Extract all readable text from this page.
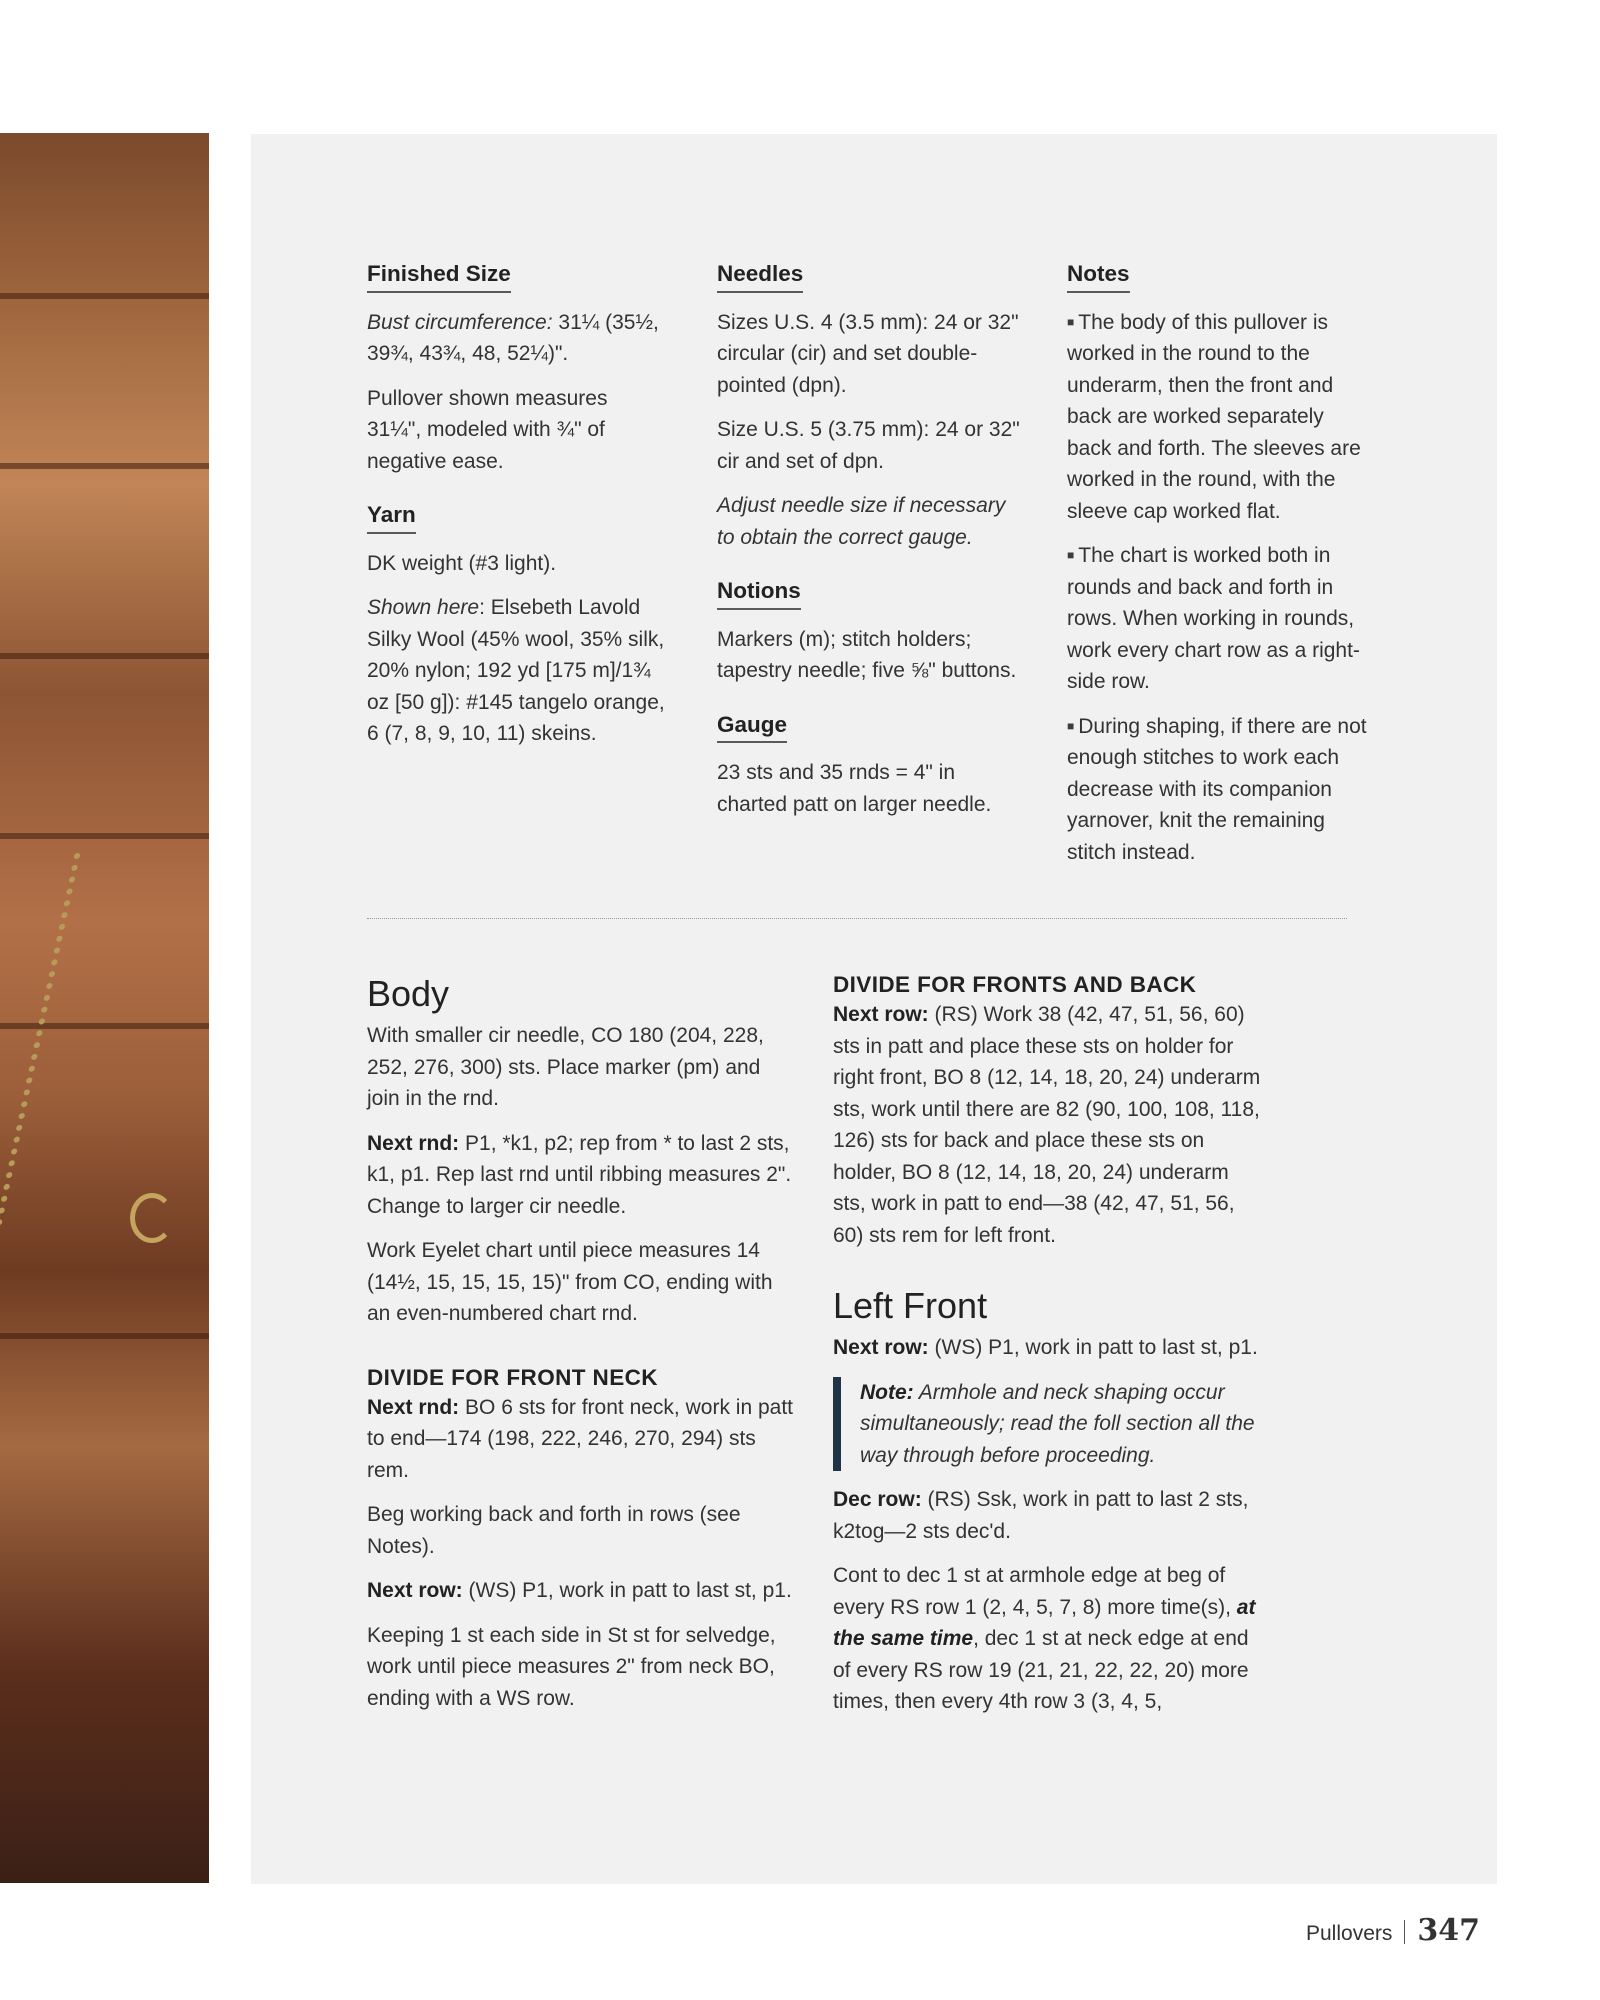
Finished Size

Bust circumference: 31¼ (35½, 39¾, 43¾, 48, 52¼)".

Pullover shown measures 31¼", modeled with ¾" of negative ease.

Yarn

DK weight (#3 light).

Shown here: Elsebeth Lavold Silky Wool (45% wool, 35% silk, 20% nylon; 192 yd [175 m]/1¾ oz [50 g]): #145 tangelo orange, 6 (7, 8, 9, 10, 11) skeins.

Needles

Sizes U.S. 4 (3.5 mm): 24 or 32" circular (cir) and set double-pointed (dpn).

Size U.S. 5 (3.75 mm): 24 or 32" cir and set of dpn.

Adjust needle size if necessary to obtain the correct gauge.

Notions

Markers (m); stitch holders; tapestry needle; five ⅝" buttons.

Gauge

23 sts and 35 rnds = 4" in charted patt on larger needle.

Notes

■ The body of this pullover is worked in the round to the underarm, then the front and back are worked separately back and forth. The sleeves are worked in the round, with the sleeve cap worked flat.

■ The chart is worked both in rounds and back and forth in rows. When working in rounds, work every chart row as a right-side row.

■ During shaping, if there are not enough stitches to work each decrease with its companion yarnover, knit the remaining stitch instead.

Body

With smaller cir needle, CO 180 (204, 228, 252, 276, 300) sts. Place marker (pm) and join in the rnd.

Next rnd: P1, *k1, p2; rep from * to last 2 sts, k1, p1. Rep last rnd until ribbing measures 2". Change to larger cir needle.

Work Eyelet chart until piece measures 14 (14½, 15, 15, 15, 15)" from CO, ending with an even-numbered chart rnd.

DIVIDE FOR FRONT NECK

Next rnd: BO 6 sts for front neck, work in patt to end—174 (198, 222, 246, 270, 294) sts rem.

Beg working back and forth in rows (see Notes).

Next row: (WS) P1, work in patt to last st, p1.

Keeping 1 st each side in St st for selvedge, work until piece measures 2" from neck BO, ending with a WS row.

DIVIDE FOR FRONTS AND BACK

Next row: (RS) Work 38 (42, 47, 51, 56, 60) sts in patt and place these sts on holder for right front, BO 8 (12, 14, 18, 20, 24) underarm sts, work until there are 82 (90, 100, 108, 118, 126) sts for back and place these sts on holder, BO 8 (12, 14, 18, 20, 24) underarm sts, work in patt to end—38 (42, 47, 51, 56, 60) sts rem for left front.

Left Front

Next row: (WS) P1, work in patt to last st, p1.

Note: Armhole and neck shaping occur simultaneously; read the foll section all the way through before proceeding.

Dec row: (RS) Ssk, work in patt to last 2 sts, k2tog—2 sts dec'd.

Cont to dec 1 st at armhole edge at beg of every RS row 1 (2, 4, 5, 7, 8) more time(s), at the same time, dec 1 st at neck edge at end of every RS row 19 (21, 21, 22, 22, 20) more times, then every 4th row 3 (3, 4, 5,

Pullovers 347
